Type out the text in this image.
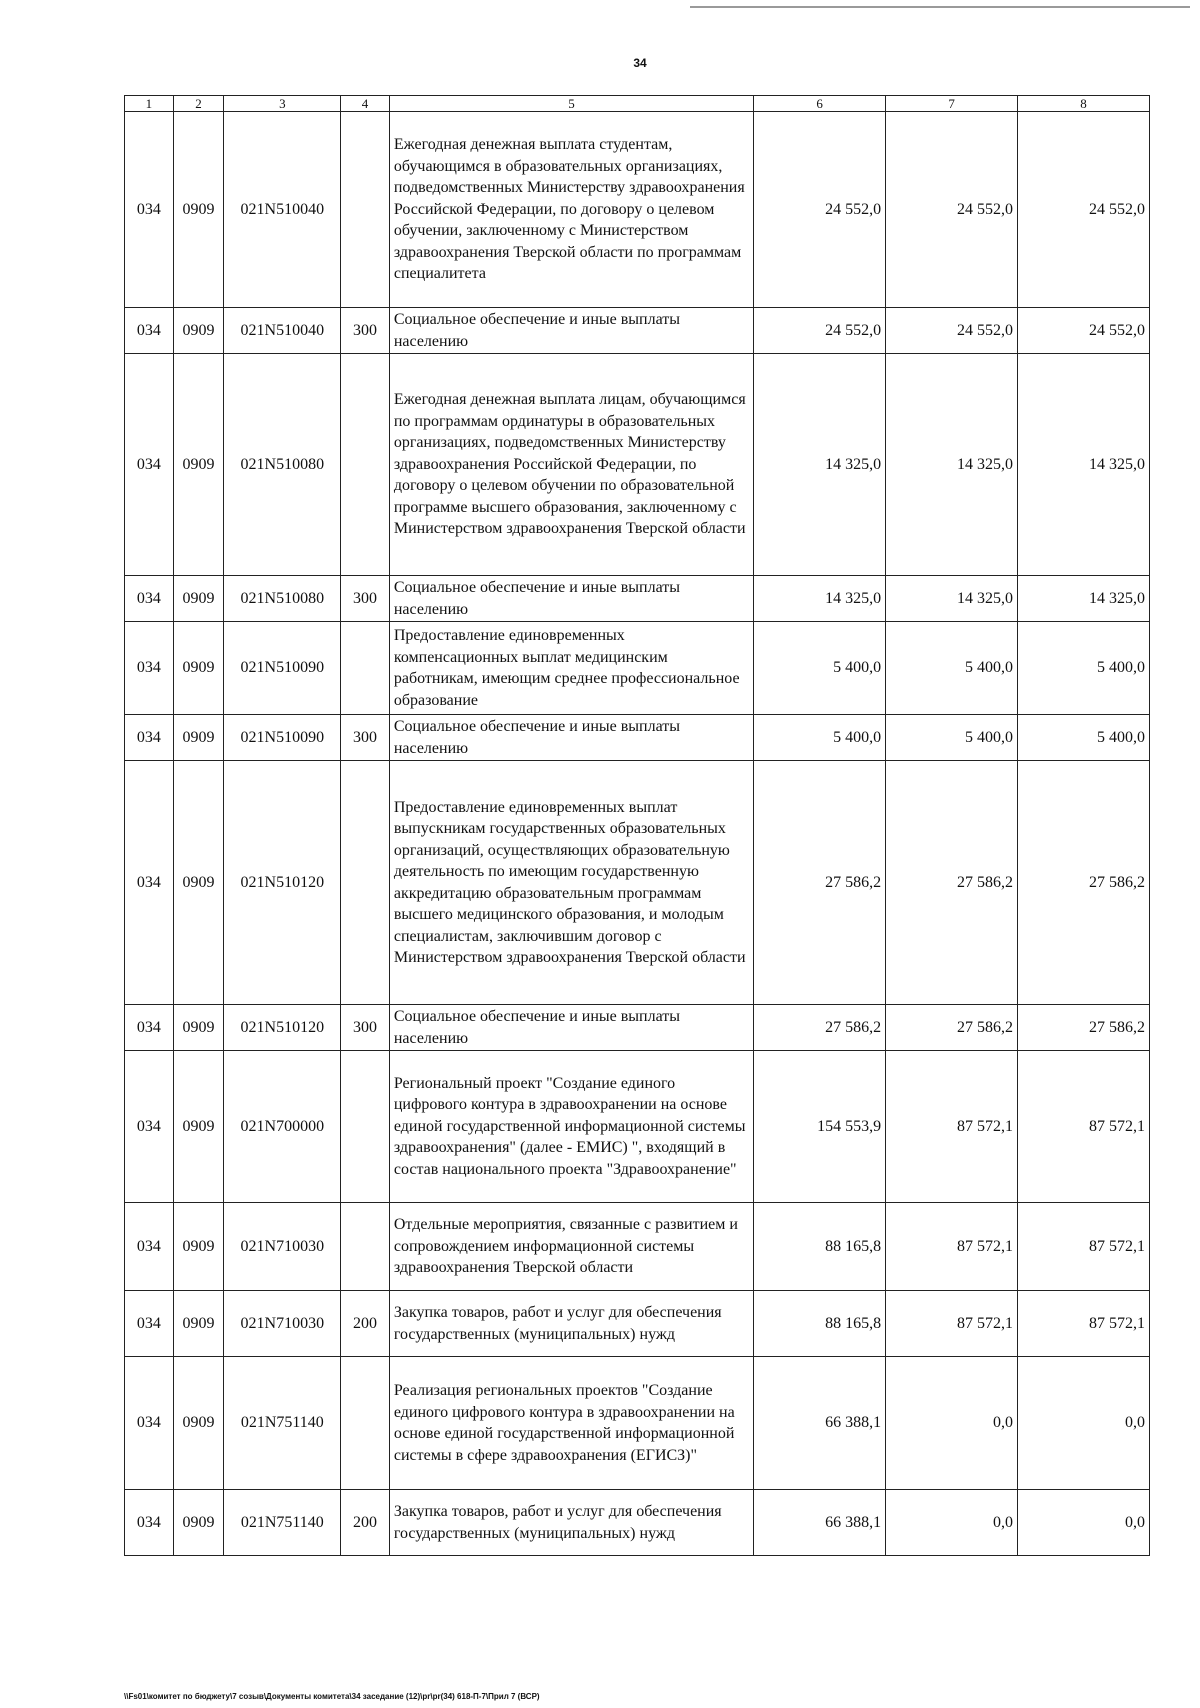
34
1	2	3	4	5	6	7	8
034	0909	021N510040		Ежегодная денежная выплата студентам, обучающимся в образовательных организациях, подведомственных Министерству здравоохранения Российской Федерации, по договору о целевом обучении, заключенному с Министерством здравоохранения Тверской области по программам специалитета	24 552,0	24 552,0	24 552,0
034	0909	021N510040	300	Социальное обеспечение и иные выплаты населению	24 552,0	24 552,0	24 552,0
034	0909	021N510080		Ежегодная денежная выплата лицам, обучающимся по программам ординатуры в образовательных организациях, подведомственных Министерству здравоохранения Российской Федерации, по договору о целевом обучении по образовательной программе высшего образования, заключенному с Министерством здравоохранения Тверской области	14 325,0	14 325,0	14 325,0
034	0909	021N510080	300	Социальное обеспечение и иные выплаты населению	14 325,0	14 325,0	14 325,0
034	0909	021N510090		Предоставление единовременных компенсационных выплат медицинским работникам, имеющим среднее профессиональное образование	5 400,0	5 400,0	5 400,0
034	0909	021N510090	300	Социальное обеспечение и иные выплаты населению	5 400,0	5 400,0	5 400,0
034	0909	021N510120		Предоставление единовременных выплат выпускникам государственных образовательных организаций, осуществляющих образовательную деятельность по имеющим государственную аккредитацию образовательным программам высшего медицинского образования, и молодым специалистам, заключившим договор с Министерством здравоохранения Тверской области	27 586,2	27 586,2	27 586,2
034	0909	021N510120	300	Социальное обеспечение и иные выплаты населению	27 586,2	27 586,2	27 586,2
034	0909	021N700000		Региональный проект "Создание единого цифрового контура в здравоохранении на основе единой государственной информационной системы здравоохранения" (далее - ЕМИС) ", входящий в состав национального проекта "Здравоохранение"	154 553,9	87 572,1	87 572,1
034	0909	021N710030		Отдельные мероприятия, связанные с развитием и сопровождением информационной системы здравоохранения Тверской области	88 165,8	87 572,1	87 572,1
034	0909	021N710030	200	Закупка товаров, работ и услуг для обеспечения государственных (муниципальных) нужд	88 165,8	87 572,1	87 572,1
034	0909	021N751140		Реализация региональных проектов "Создание единого цифрового контура в здравоохранении на основе единой государственной информационной системы в сфере здравоохранения (ЕГИСЗ)"	66 388,1	0,0	0,0
034	0909	021N751140	200	Закупка товаров, работ и услуг для обеспечения государственных (муниципальных) нужд	66 388,1	0,0	0,0
\\Fs01\комитет по бюджету\7 созыв\Документы комитета\34 заседание (12)\pr\pr(34) 618-П-7\Прил 7 (ВСР)
